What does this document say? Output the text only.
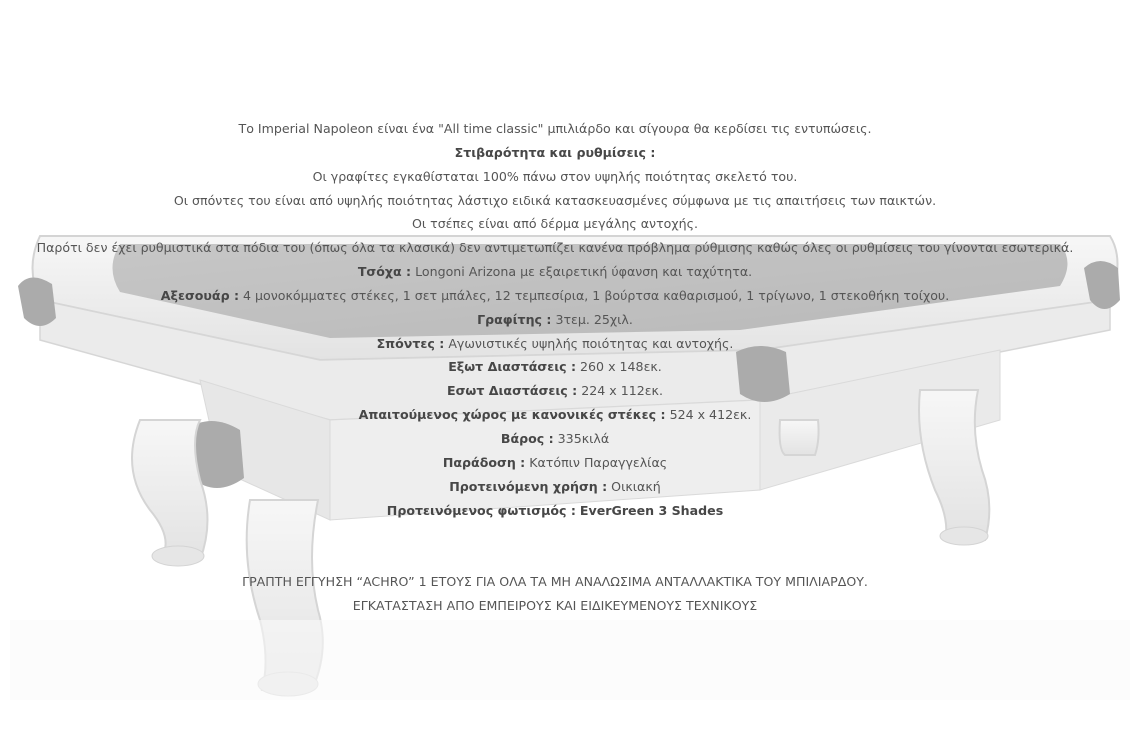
Το Imperial Napoleon είναι ένα "All time classic" μπιλιάρδο και σίγουρα θα κερδίσει τις εντυπώσεις.
Στιβαρότητα και ρυθμίσεις :
Οι γραφίτες εγκαθίσταται 100% πάνω στον υψηλής ποιότητας σκελετό του.
Οι σπόντες του είναι από υψηλής ποιότητας λάστιχο ειδικά κατασκευασμένες σύμφωνα με τις απαιτήσεις των παικτών.
Οι τσέπες είναι από δέρμα μεγάλης αντοχής.
Παρότι δεν έχει ρυθμιστικά στα πόδια του (όπως όλα τα κλασικά) δεν αντιμετωπίζει κανένα πρόβλημα ρύθμισης καθώς όλες οι ρυθμίσεις του γίνονται εσωτερικά.
Τσόχα : Longoni Arizona με εξαιρετική ύφανση και ταχύτητα.
Αξεσουάρ : 4 μονοκόμματες στέκες, 1 σετ μπάλες, 12 τεμπεσίρια, 1 βούρτσα καθαρισμού, 1 τρίγωνο, 1 στεκοθήκη τοίχου.
Γραφίτης : 3τεμ. 25χιλ.
Σπόντες : Αγωνιστικές υψηλής ποιότητας και αντοχής.
Εξωτ Διαστάσεις : 260 x 148εκ.
Εσωτ Διαστάσεις : 224 x 112εκ.
Απαιτούμενος χώρος με κανονικές στέκες : 524 x 412εκ.
Βάρος : 335κιλά
Παράδοση : Κατόπιν Παραγγελίας
Προτεινόμενη χρήση : Οικιακή
Προτεινόμενος φωτισμός : EverGreen 3 Shades
ΓΡΑΠΤΗ ΕΓΓΥΗΣΗ “ACHRO” 1 ΕΤΟΥΣ ΓΙΑ ΟΛΑ ΤΑ ΜΗ ΑΝΑΛΩΣΙΜΑ ΑΝΤΑΛΛΑΚΤΙΚΑ ΤΟΥ ΜΠΙΛΙΑΡΔΟΥ.
ΕΓΚΑΤΑΣΤΑΣΗ ΑΠΟ ΕΜΠΕΙΡΟΥΣ ΚΑΙ ΕΙΔΙΚΕΥΜΕΝΟΥΣ ΤΕΧΝΙΚΟΥΣ
